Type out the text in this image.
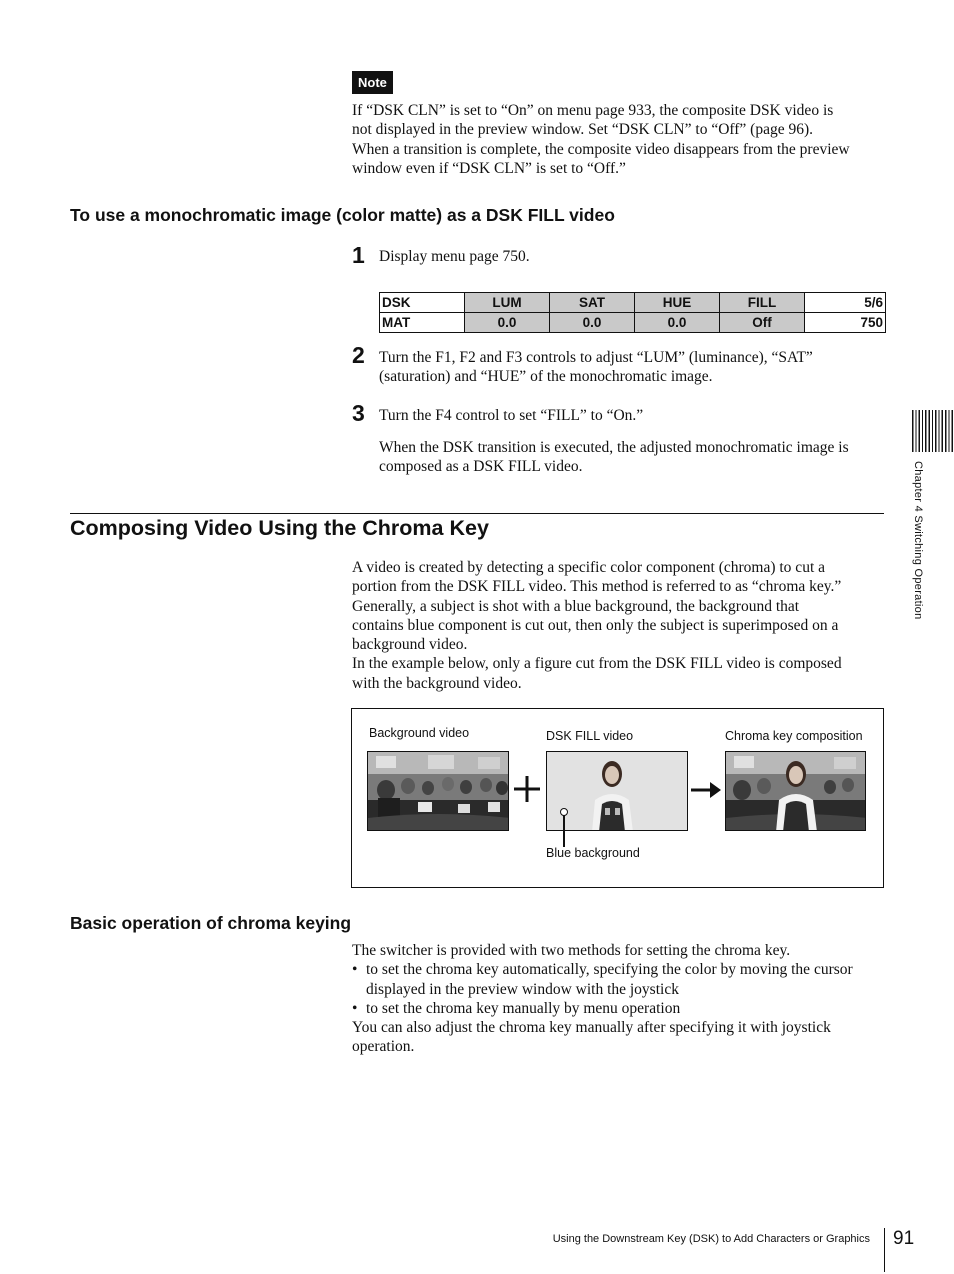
Note
If “DSK CLN” is set to “On” on menu page 933, the composite DSK video is
not displayed in the preview window. Set “DSK CLN” to “Off” (page 96).
When a transition is complete, the composite video disappears from the preview
window even if “DSK CLN” is set to “Off.”
To use a monochromatic image (color matte) as a DSK FILL video
1 Display menu page 750.
DSK	LUM	SAT	HUE	FILL	5/6
MAT	0.0	0.0	0.0	Off	750
2 Turn the F1, F2 and F3 controls to adjust “LUM” (luminance), “SAT”
(saturation) and “HUE” of the monochromatic image.
3 Turn the F4 control to set “FILL” to “On.”
When the DSK transition is executed, the adjusted monochromatic image is
composed as a DSK FILL video.
Composing Video Using the Chroma Key
A video is created by detecting a specific color component (chroma) to cut a
portion from the DSK FILL video. This method is referred to as “chroma key.”
Generally, a subject is shot with a blue background, the background that
contains blue component is cut out, then only the subject is superimposed on a
background video.
In the example below, only a figure cut from the DSK FILL video is composed
with the background video.
Background video	DSK FILL video	Chroma key composition
Blue background
Basic operation of chroma keying
The switcher is provided with two methods for setting the chroma key.
• to set the chroma key automatically, specifying the color by moving the cursor
displayed in the preview window with the joystick
• to set the chroma key manually by menu operation
You can also adjust the chroma key manually after specifying it with joystick
operation.
Chapter 4 Switching Operation
Using the Downstream Key (DSK) to Add Characters or Graphics 91
